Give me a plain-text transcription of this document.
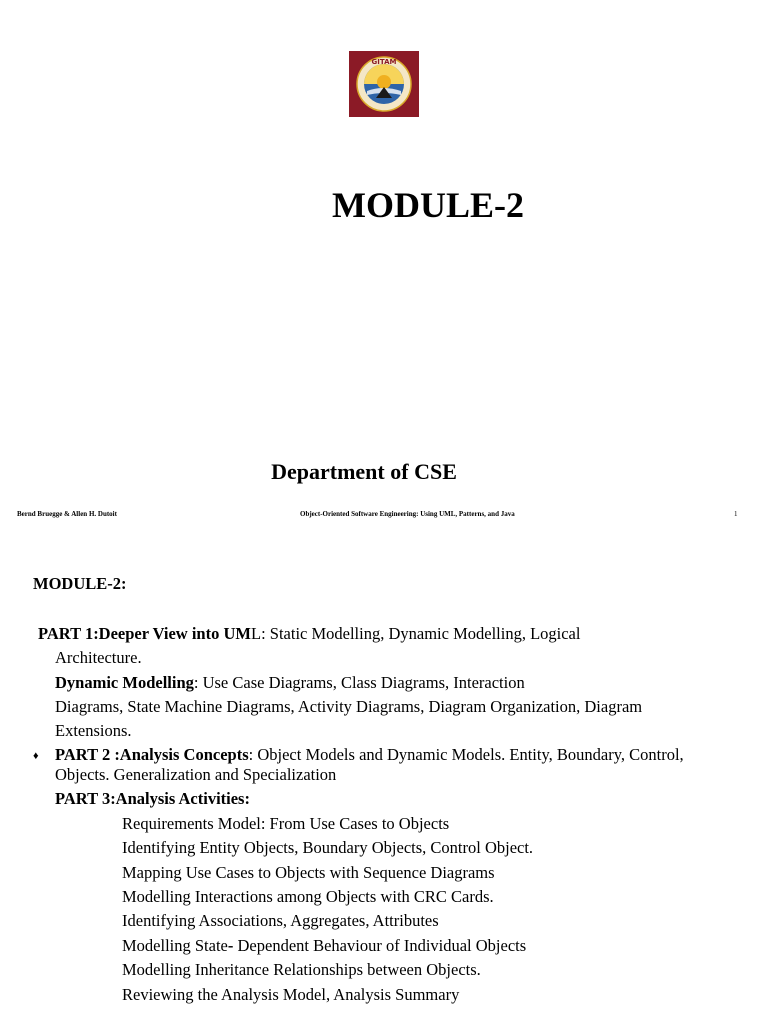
GITAM
MODULE-2
Department of CSE
Bernd Bruegge & Allen H. Dutoit	Object-Oriented Software Engineering: Using UML, Patterns, and Java	1
MODULE-2:
PART 1:Deeper View into UML: Static Modelling, Dynamic Modelling, Logical
Architecture.
Dynamic Modelling: Use Case Diagrams, Class Diagrams, Interaction
Diagrams, State Machine Diagrams, Activity Diagrams, Diagram Organization, Diagram
Extensions.
♦ PART 2 :Analysis Concepts: Object Models and Dynamic Models. Entity, Boundary, Control,
Objects. Generalization and Specialization
PART 3:Analysis Activities:
Requirements Model: From Use Cases to Objects
Identifying Entity Objects, Boundary Objects, Control Object.
Mapping Use Cases to Objects with Sequence Diagrams
Modelling Interactions among Objects with CRC Cards.
Identifying Associations, Aggregates, Attributes
Modelling State- Dependent Behaviour of Individual Objects
Modelling Inheritance Relationships between Objects.
Reviewing the Analysis Model, Analysis Summary
